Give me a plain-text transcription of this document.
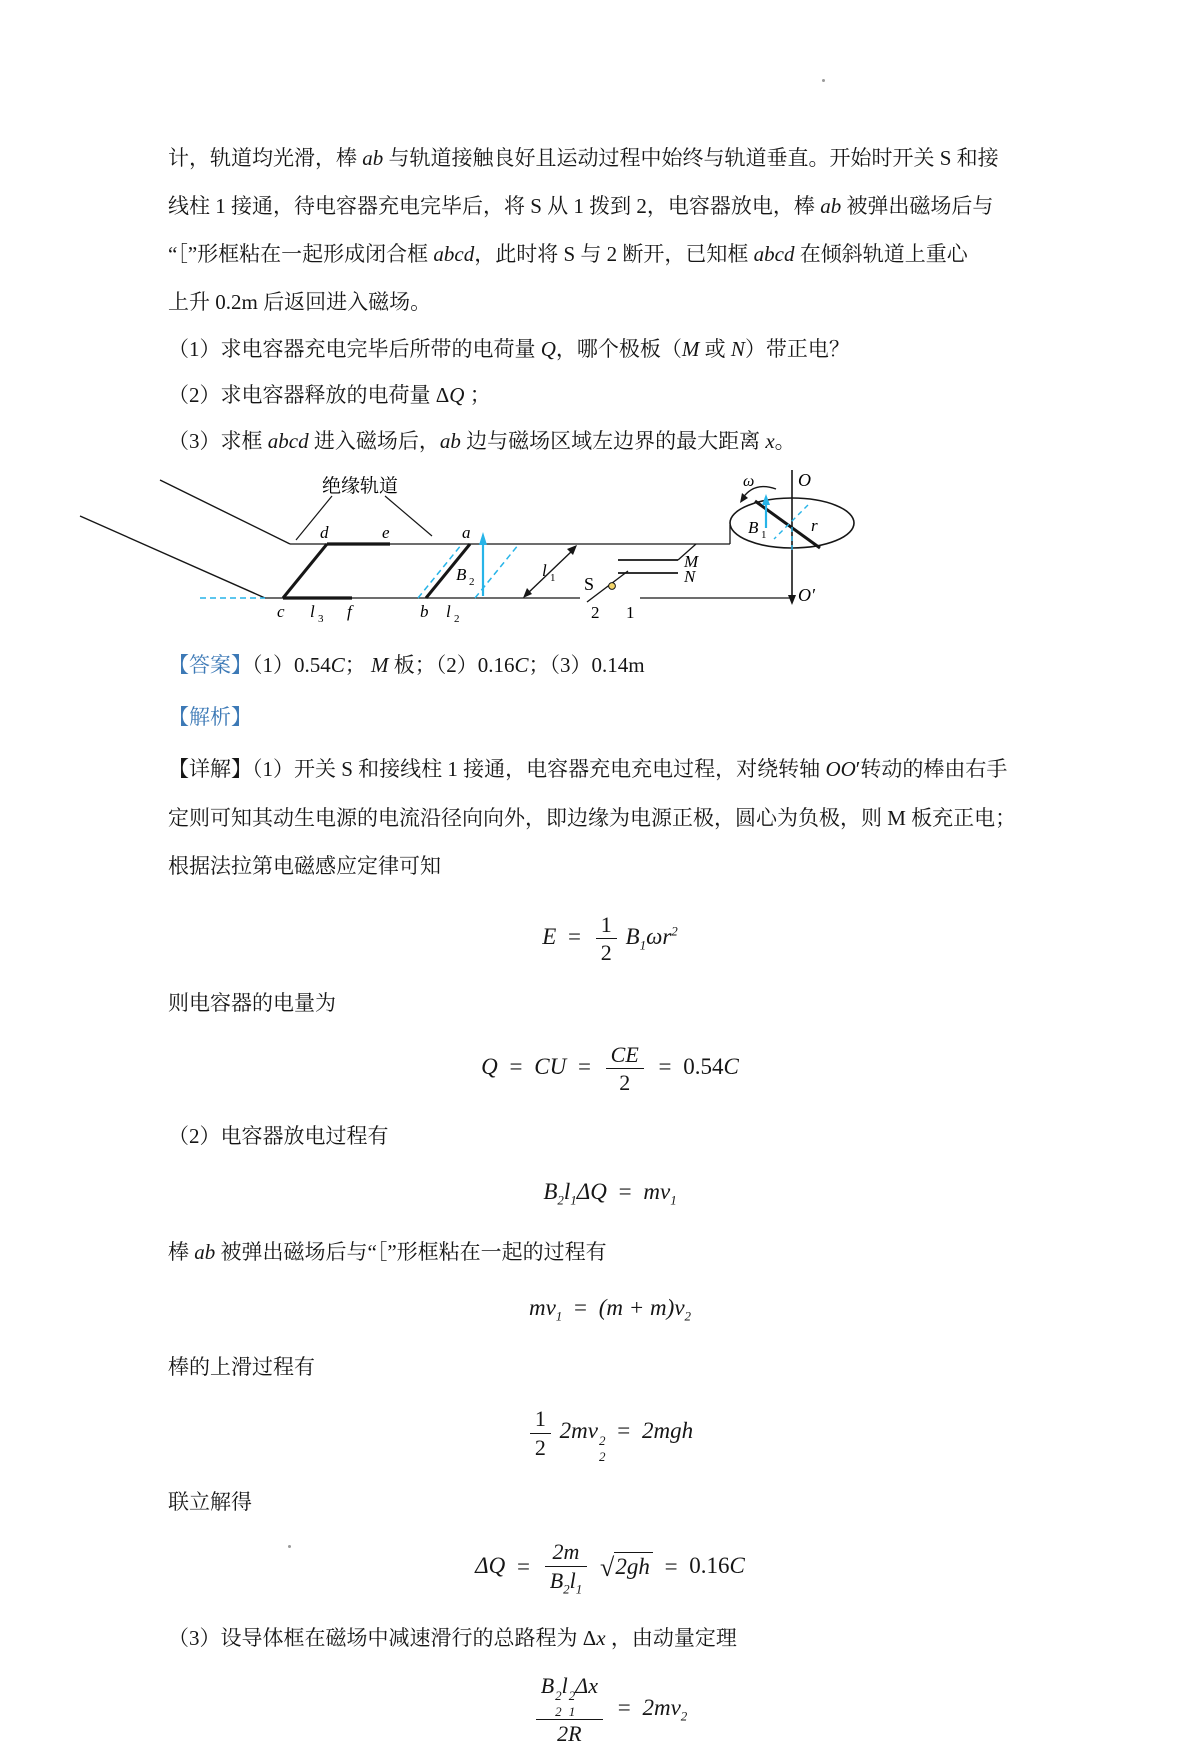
计，轨道均光滑，棒 ab 与轨道接触良好且运动过程中始终与轨道垂直。开始时开关 S 和接
线柱 1 接通，待电容器充电完毕后，将 S 从 1 拨到 2，电容器放电，棒 ab 被弹出磁场后与
“［”形框粘在一起形成闭合框 abcd，此时将 S 与 2 断开，已知框 abcd 在倾斜轨道上重心
上升 0.2m 后返回进入磁场。
（1）求电容器充电完毕后所带的电荷量 Q，哪个极板（M 或 N）带正电？
（2）求电容器释放的电荷量 ΔQ ；
（3）求框 abcd 进入磁场后，ab 边与磁场区域左边界的最大距离 x。
绝缘轨道
B 2
d	e	a
c l 3 f	b l 2
l 1
M
N
S
2 1
ω
B 1	r
O
O′
【答案】（1）0.54C； M 板；（2）0.16C；（3）0.14m
【解析】
【详解】（1）开关 S 和接线柱 1 接通，电容器充电充电过程，对绕转轴 OO′转动的棒由右手
定则可知其动生电源的电流沿径向向外，即边缘为电源正极，圆心为负极，则 M 板充正电；
根据法拉第电磁感应定律可知
$E = \frac{1}{2} B_1\omega r^2$
则电容器的电量为
Q = CU = $\frac{CE}{2} = 0.54C$
（2）电容器放电过程有
$B_2l_1\Delta Q = mv_1$
棒 ab 被弹出磁场后与“［”形框粘在一起的过程有
$mv_1 = (m + m)v_2$
棒的上滑过程有
$\frac{1}{2} 2mv$ 2
2
= 2mgh
联立解得
$\Delta Q = \frac{2m}{B_2l_1} √2gh = 0.16C$
（3）设导体框在磁场中减速滑行的总路程为 Δx ，由动量定理
B 2
2
l 2
1
Δx
$2R = 2mv_2$
